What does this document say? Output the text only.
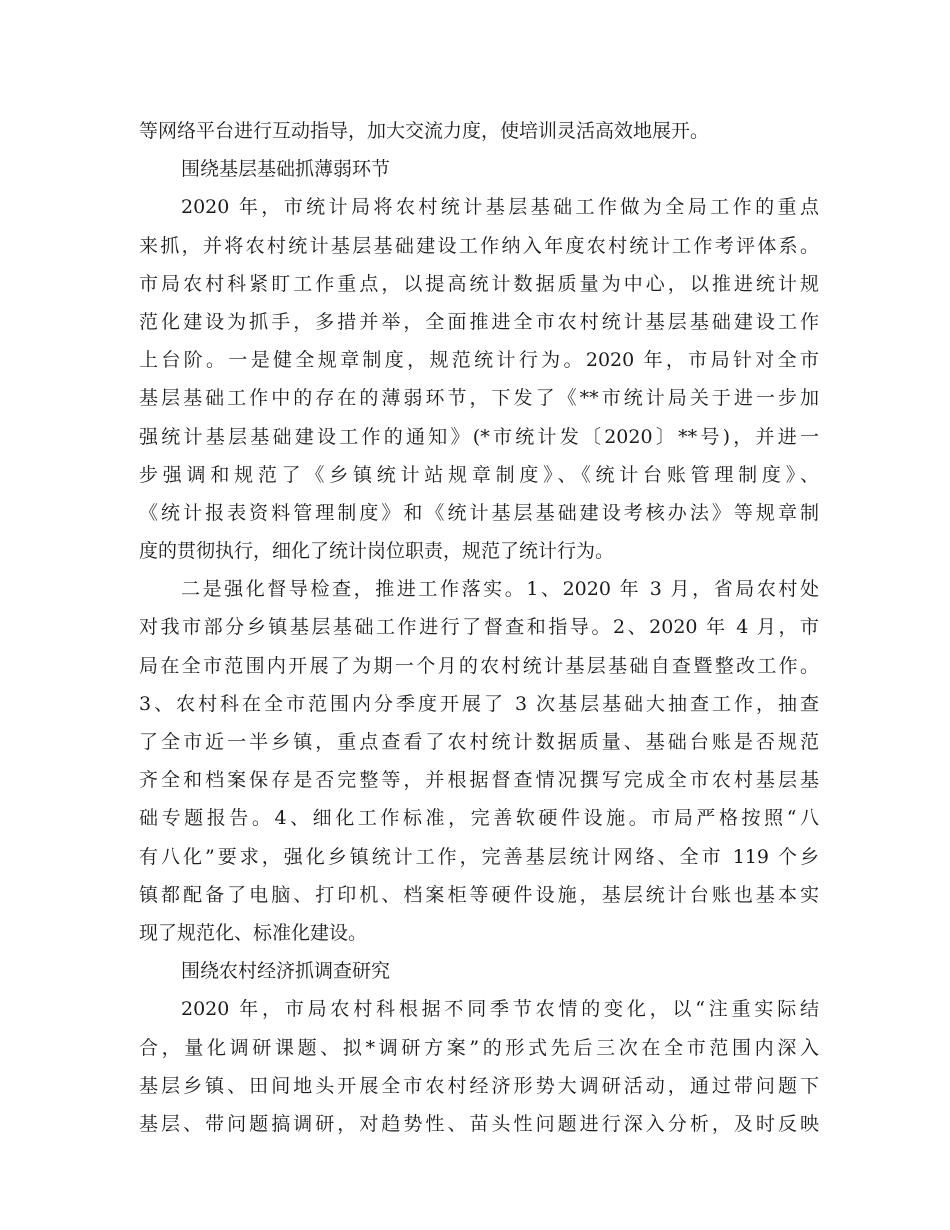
等网络平台进行互动指导，加大交流力度，使培训灵活高效地展开。
围绕基层基础抓薄弱环节
2020 年，市统计局将农村统计基层基础工作做为全局工作的重点
来抓，并将农村统计基层基础建设工作纳入年度农村统计工作考评体系。
市局农村科紧盯工作重点，以提高统计数据质量为中心，以推进统计规
范化建设为抓手，多措并举，全面推进全市农村统计基层基础建设工作
上台阶。一是健全规章制度，规范统计行为。2020 年，市局针对全市
基层基础工作中的存在的薄弱环节，下发了《**市统计局关于进一步加
强统计基层基础建设工作的通知》(*市统计发〔2020〕**号)，并进一
步强调和规范了《乡镇统计站规章制度》、《统计台账管理制度》、
《统计报表资料管理制度》和《统计基层基础建设考核办法》等规章制
度的贯彻执行，细化了统计岗位职责，规范了统计行为。
二是强化督导检查，推进工作落实。1、2020 年 3 月，省局农村处
对我市部分乡镇基层基础工作进行了督查和指导。2、2020 年 4 月，市
局在全市范围内开展了为期一个月的农村统计基层基础自查暨整改工作。
3、农村科在全市范围内分季度开展了 3 次基层基础大抽查工作，抽查
了全市近一半乡镇，重点查看了农村统计数据质量、基础台账是否规范
齐全和档案保存是否完整等，并根据督查情况撰写完成全市农村基层基
础专题报告。4、细化工作标准，完善软硬件设施。市局严格按照“八
有八化”要求，强化乡镇统计工作，完善基层统计网络、全市 119 个乡
镇都配备了电脑、打印机、档案柜等硬件设施，基层统计台账也基本实
现了规范化、标准化建设。
围绕农村经济抓调查研究
2020 年，市局农村科根据不同季节农情的变化，以“注重实际结
合，量化调研课题、拟*调研方案”的形式先后三次在全市范围内深入
基层乡镇、田间地头开展全市农村经济形势大调研活动，通过带问题下
基层、带问题搞调研，对趋势性、苗头性问题进行深入分析，及时反映
